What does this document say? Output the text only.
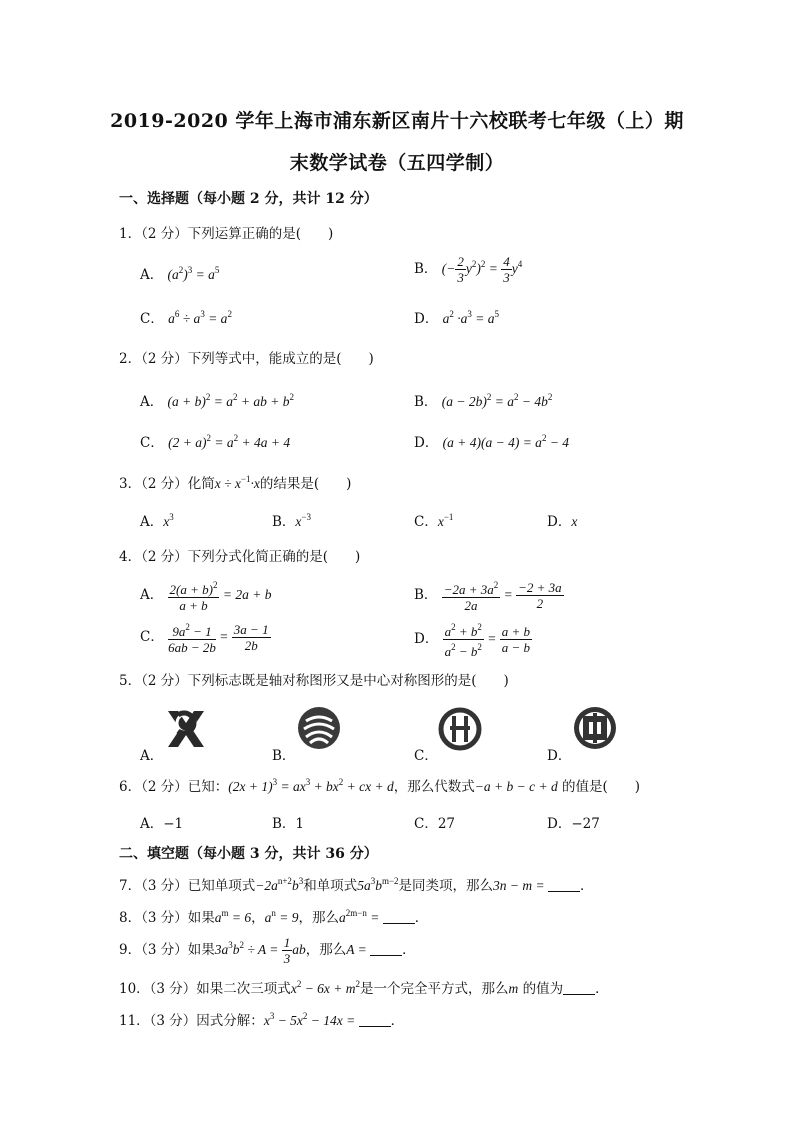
2019-2020 学年上海市浦东新区南片十六校联考七年级（上）期
末数学试卷（五四学制）
一、选择题（每小题 2 分，共计 12 分）
1．（2 分）下列运算正确的是(　　)
A． $(a^2)^3 = a^5$	B． (− $\frac{2}{3} y^2)^2 = \frac{4}{3} y^4$
C． $a^6 \div a^3 = a^2$	D． $a^2 \cdot a^3 = a^5$
2．（2 分）下列等式中，能成立的是(　　)
A． $(a + b)^2 = a^2$ + ab + $b^2$	B． $(a - 2b)^2 = a^2 - 4b^2$
C． $(2 + a)^2 = a^2 + 4a + 4$	D． $(a + 4)(a - 4) = a^2 - 4$
3．（2 分）化简$x \div x^{-1}\cdot x$的结果是(　　)
A．$x^3$	B．$x^{-3}$	C．$x^{-1}$	D．x
4．（2 分）下列分式化简正确的是(　　)
A． $\frac{2(a + b)^2}{a + b} = 2a + b$	B． $\frac{-2a + 3a^2}{2a} = \frac{-2 + 3a}{2}$
C． $\frac{9a^2 - 1}{6ab - 2b} = \frac{3a - 1}{2b}$	D． $\frac{a^2 + b^2}{a^2 - b^2} = \frac{a + b}{a - b}$
5．（2 分）下列标志既是轴对称图形又是中心对称图形的是(　　)
A．	B．	C．	D．
6．（2 分）已知：$(2x + 1)^3 = ax^3 + bx^2$ + cx + d，那么代数式−a + b − c + d 的值是(　　)
A．−1	B．1	C．27	D．−27
二、填空题（每小题 3 分，共计 36 分）
7．（3 分）已知单项式$-2a^{n+2}b^3$和单项式$5a^3b^{m-2}$是同类项，那么3n − m = ．
8．（3 分）如果$a^m = 6$，$a^n = 9$，那么$a^{2m-n}$ = ．
9．（3 分）如果$3a^3b^2 \div A = \frac{1}{3}$ ab，那么A = ．
10．（3 分）如果二次三项式$x^2 - 6x + m^2$是一个完全平方式，那么m 的值为 ．
11．（3 分）因式分解：$x^3 - 5x^2 - 14x$ = ．
